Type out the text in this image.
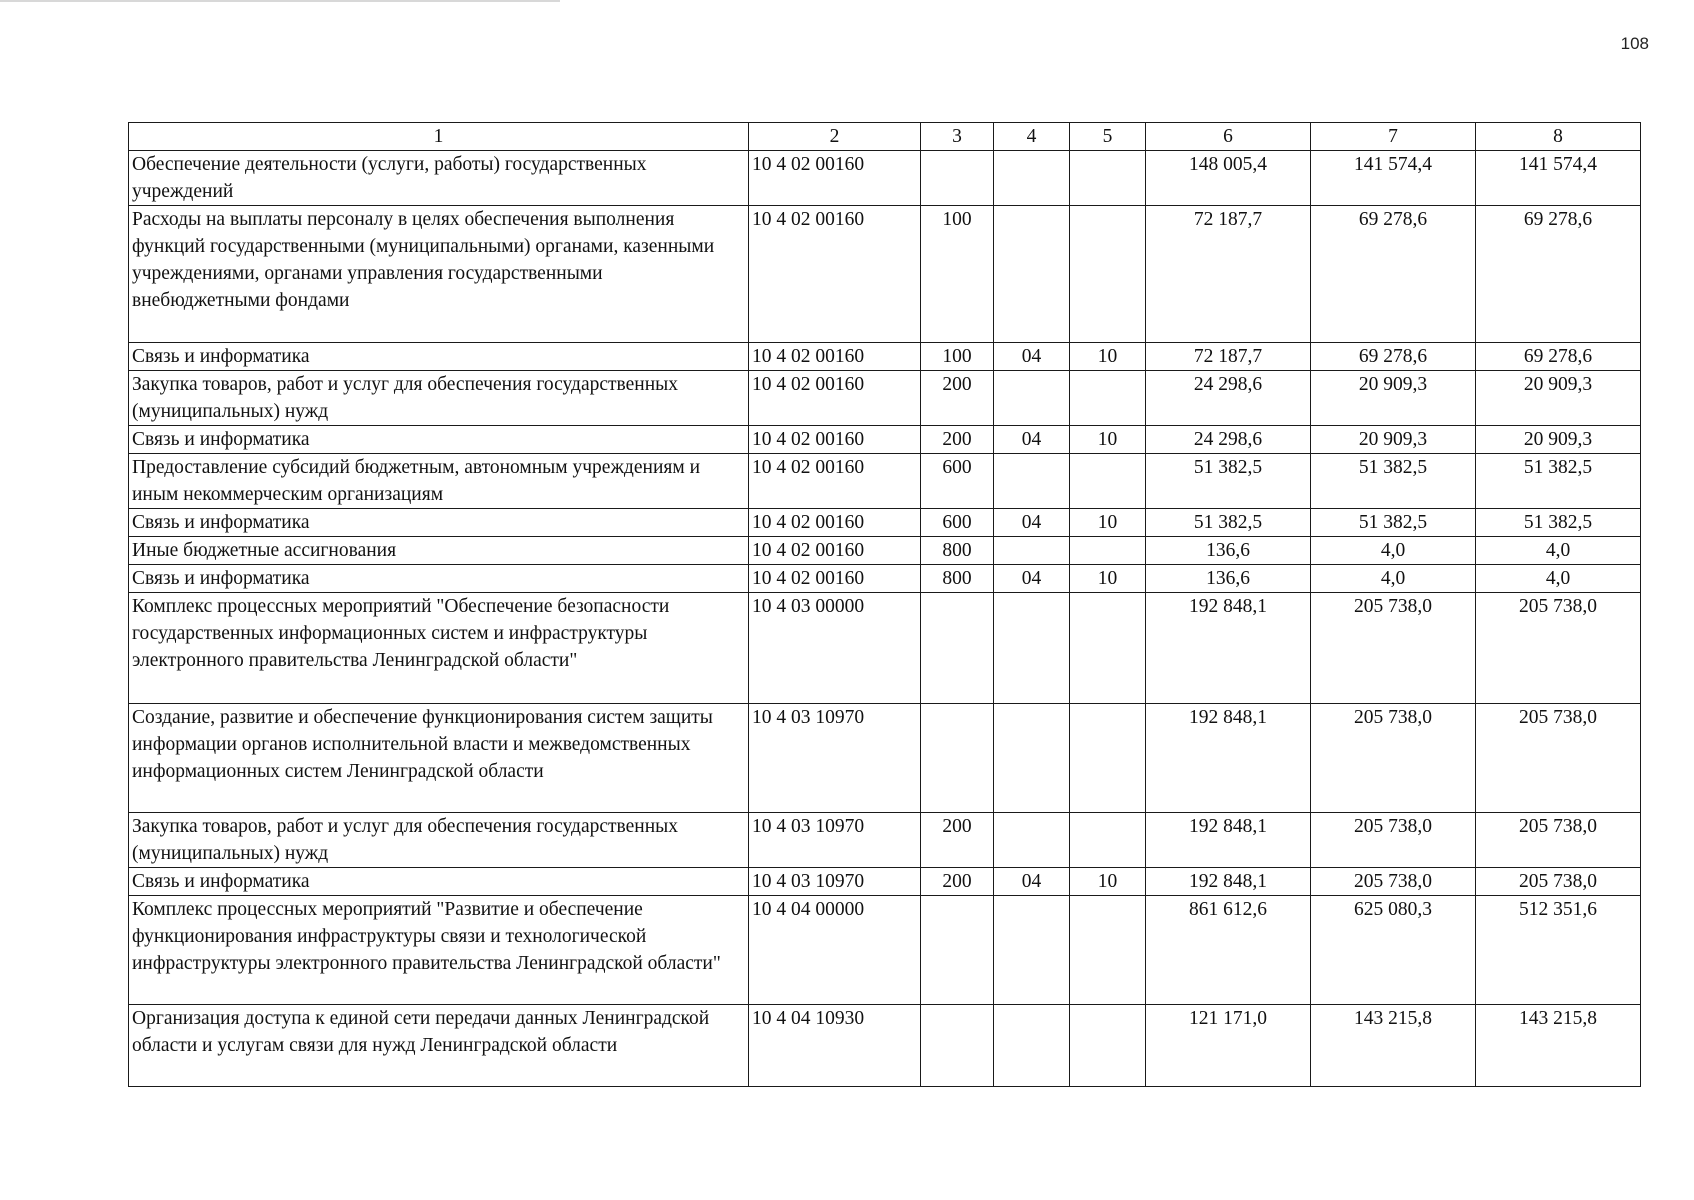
108
1	2	3	4	5	6	7	8
Обеспечение деятельности (услуги, работы) государственных учреждений	10 4 02 00160				148 005,4	141 574,4	141 574,4
Расходы на выплаты персоналу в целях обеспечения выполнения функций государственными (муниципальными) органами, казенными учреждениями, органами управления государственными внебюджетными фондами	10 4 02 00160	100			72 187,7	69 278,6	69 278,6
Связь и информатика	10 4 02 00160	100	04	10	72 187,7	69 278,6	69 278,6
Закупка товаров, работ и услуг для обеспечения государственных (муниципальных) нужд	10 4 02 00160	200			24 298,6	20 909,3	20 909,3
Связь и информатика	10 4 02 00160	200	04	10	24 298,6	20 909,3	20 909,3
Предоставление субсидий бюджетным, автономным учреждениям и иным некоммерческим организациям	10 4 02 00160	600			51 382,5	51 382,5	51 382,5
Связь и информатика	10 4 02 00160	600	04	10	51 382,5	51 382,5	51 382,5
Иные бюджетные ассигнования	10 4 02 00160	800			136,6	4,0	4,0
Связь и информатика	10 4 02 00160	800	04	10	136,6	4,0	4,0
Комплекс процессных мероприятий "Обеспечение безопасности государственных информационных систем и инфраструктуры электронного правительства Ленинградской области"	10 4 03 00000				192 848,1	205 738,0	205 738,0
Создание, развитие и обеспечение функционирования систем защиты информации органов исполнительной власти и межведомственных информационных систем Ленинградской области	10 4 03 10970				192 848,1	205 738,0	205 738,0
Закупка товаров, работ и услуг для обеспечения государственных (муниципальных) нужд	10 4 03 10970	200			192 848,1	205 738,0	205 738,0
Связь и информатика	10 4 03 10970	200	04	10	192 848,1	205 738,0	205 738,0
Комплекс процессных мероприятий "Развитие и обеспечение функционирования инфраструктуры связи и технологической инфраструктуры электронного правительства Ленинградской области"	10 4 04 00000				861 612,6	625 080,3	512 351,6
Организация доступа к единой сети передачи данных Ленинградской области и услугам связи для нужд Ленинградской области	10 4 04 10930				121 171,0	143 215,8	143 215,8
